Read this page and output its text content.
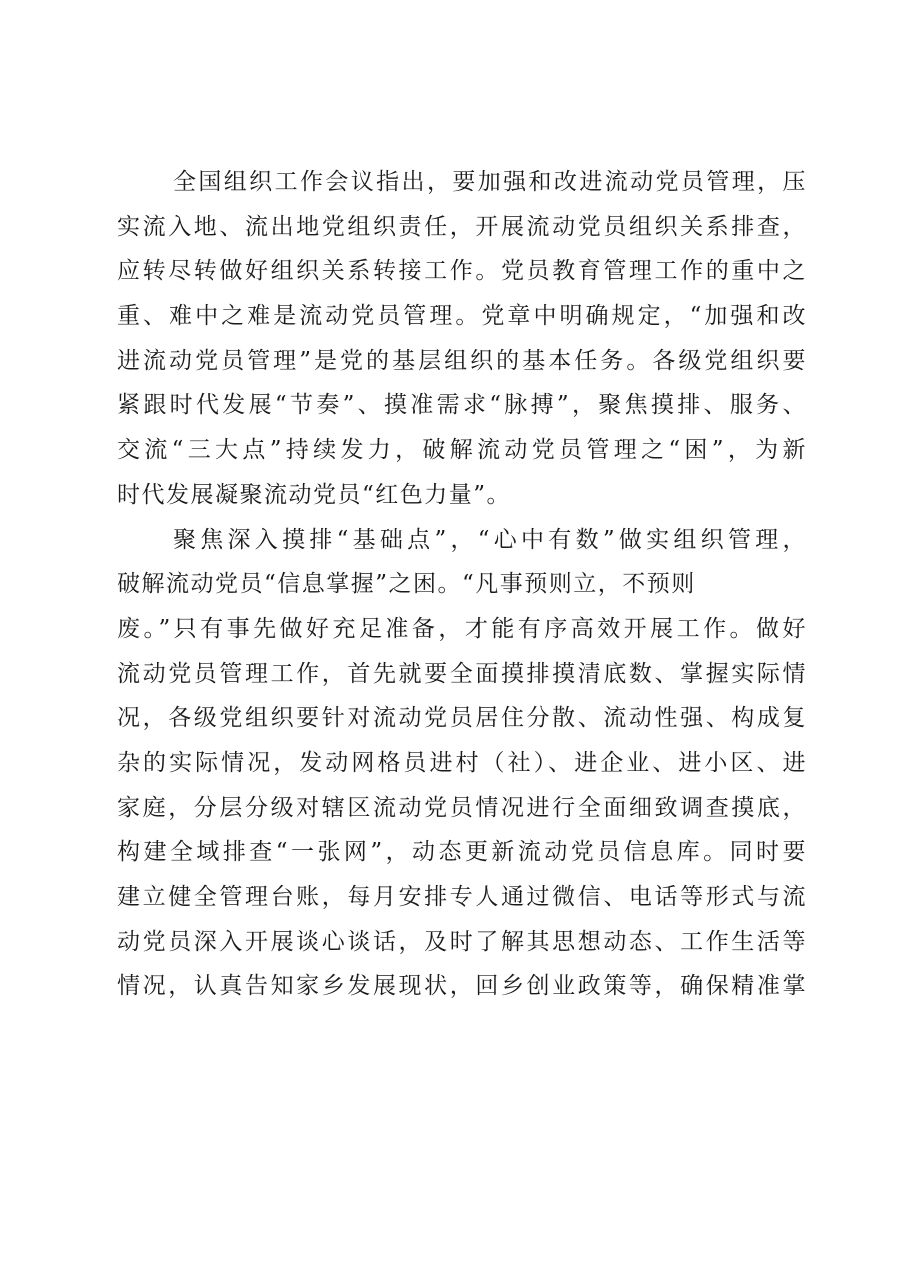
全国组织工作会议指出，要加强和改进流动党员管理，压
实流入地、流出地党组织责任，开展流动党员组织关系排查，
应转尽转做好组织关系转接工作。党员教育管理工作的重中之
重、难中之难是流动党员管理。党章中明确规定，“加强和改
进流动党员管理”是党的基层组织的基本任务。各级党组织要
紧跟时代发展“节奏”、摸准需求“脉搏”，聚焦摸排、服务、
交流“三大点”持续发力，破解流动党员管理之“困”，为新
时代发展凝聚流动党员“红色力量”。
聚焦深入摸排“基础点”，“心中有数”做实组织管理，
破解流动党员“信息掌握”之困。“凡事预则立，不预则
废。”只有事先做好充足准备，才能有序高效开展工作。做好
流动党员管理工作，首先就要全面摸排摸清底数、掌握实际情
况，各级党组织要针对流动党员居住分散、流动性强、构成复
杂的实际情况，发动网格员进村（社）、进企业、进小区、进
家庭，分层分级对辖区流动党员情况进行全面细致调查摸底，
构建全域排查“一张网”，动态更新流动党员信息库。同时要
建立健全管理台账，每月安排专人通过微信、电话等形式与流
动党员深入开展谈心谈话，及时了解其思想动态、工作生活等
情况，认真告知家乡发展现状，回乡创业政策等，确保精准掌
